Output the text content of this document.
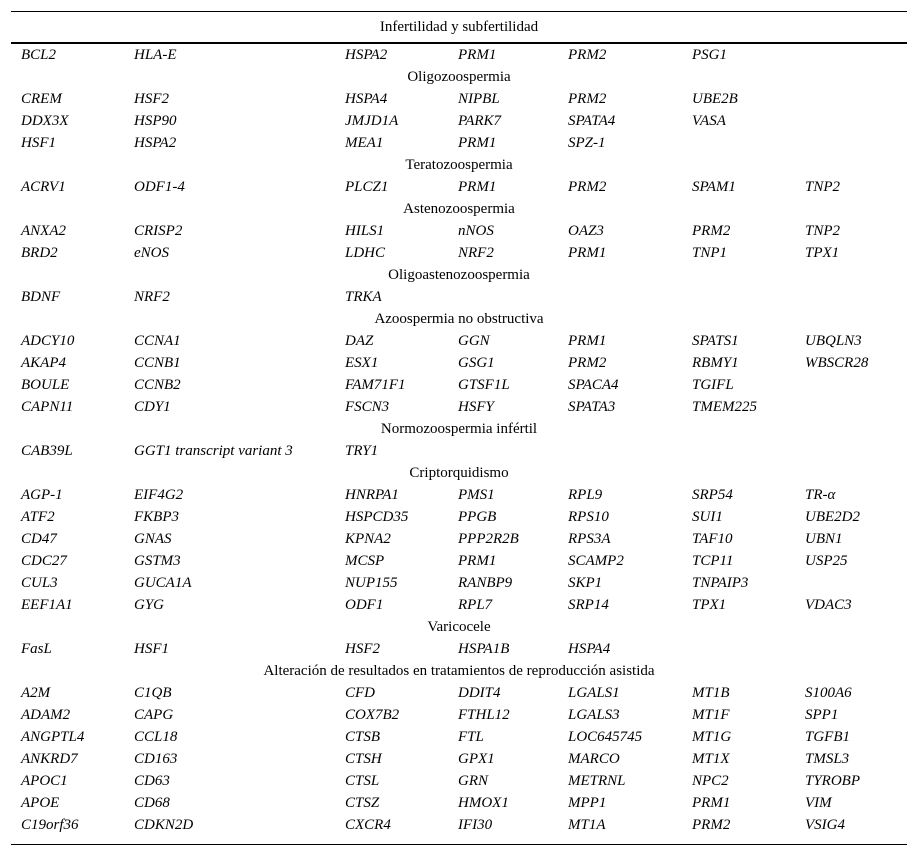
Infertilidad y subfertilidad
BCL2	HLA-E	HSPA2	PRM1	PRM2	PSG1
Oligozoospermia
CREM	HSF2	HSPA4	NIPBL	PRM2	UBE2B
DDX3X	HSP90	JMJD1A	PARK7	SPATA4	VASA
HSF1	HSPA2	MEA1	PRM1	SPZ-1
Teratozoospermia
ACRV1	ODF1-4	PLCZ1	PRM1	PRM2	SPAM1	TNP2
Astenozoospermia
ANXA2	CRISP2	HILS1	nNOS	OAZ3	PRM2	TNP2
BRD2	eNOS	LDHC	NRF2	PRM1	TNP1	TPX1
Oligoastenozoospermia
BDNF	NRF2	TRKA
Azoospermia no obstructiva
ADCY10	CCNA1	DAZ	GGN	PRM1	SPATS1	UBQLN3
AKAP4	CCNB1	ESX1	GSG1	PRM2	RBMY1	WBSCR28
BOULE	CCNB2	FAM71F1	GTSF1L	SPACA4	TGIFL
CAPN11	CDY1	FSCN3	HSFY	SPATA3	TMEM225
Normozoospermia infértil
CAB39L	GGT1 transcript variant 3	TRY1
Criptorquidismo
AGP-1	EIF4G2	HNRPA1	PMS1	RPL9	SRP54	TR-α
ATF2	FKBP3	HSPCD35	PPGB	RPS10	SUI1	UBE2D2
CD47	GNAS	KPNA2	PPP2R2B	RPS3A	TAF10	UBN1
CDC27	GSTM3	MCSP	PRM1	SCAMP2	TCP11	USP25
CUL3	GUCA1A	NUP155	RANBP9	SKP1	TNPAIP3
EEF1A1	GYG	ODF1	RPL7	SRP14	TPX1	VDAC3
Varicocele
FasL	HSF1	HSF2	HSPA1B	HSPA4
Alteración de resultados en tratamientos de reproducción asistida
A2M	C1QB	CFD	DDIT4	LGALS1	MT1B	S100A6
ADAM2	CAPG	COX7B2	FTHL12	LGALS3	MT1F	SPP1
ANGPTL4	CCL18	CTSB	FTL	LOC645745	MT1G	TGFB1
ANKRD7	CD163	CTSH	GPX1	MARCO	MT1X	TMSL3
APOC1	CD63	CTSL	GRN	METRNL	NPC2	TYROBP
APOE	CD68	CTSZ	HMOX1	MPP1	PRM1	VIM
C19orf36	CDKN2D	CXCR4	IFI30	MT1A	PRM2	VSIG4
